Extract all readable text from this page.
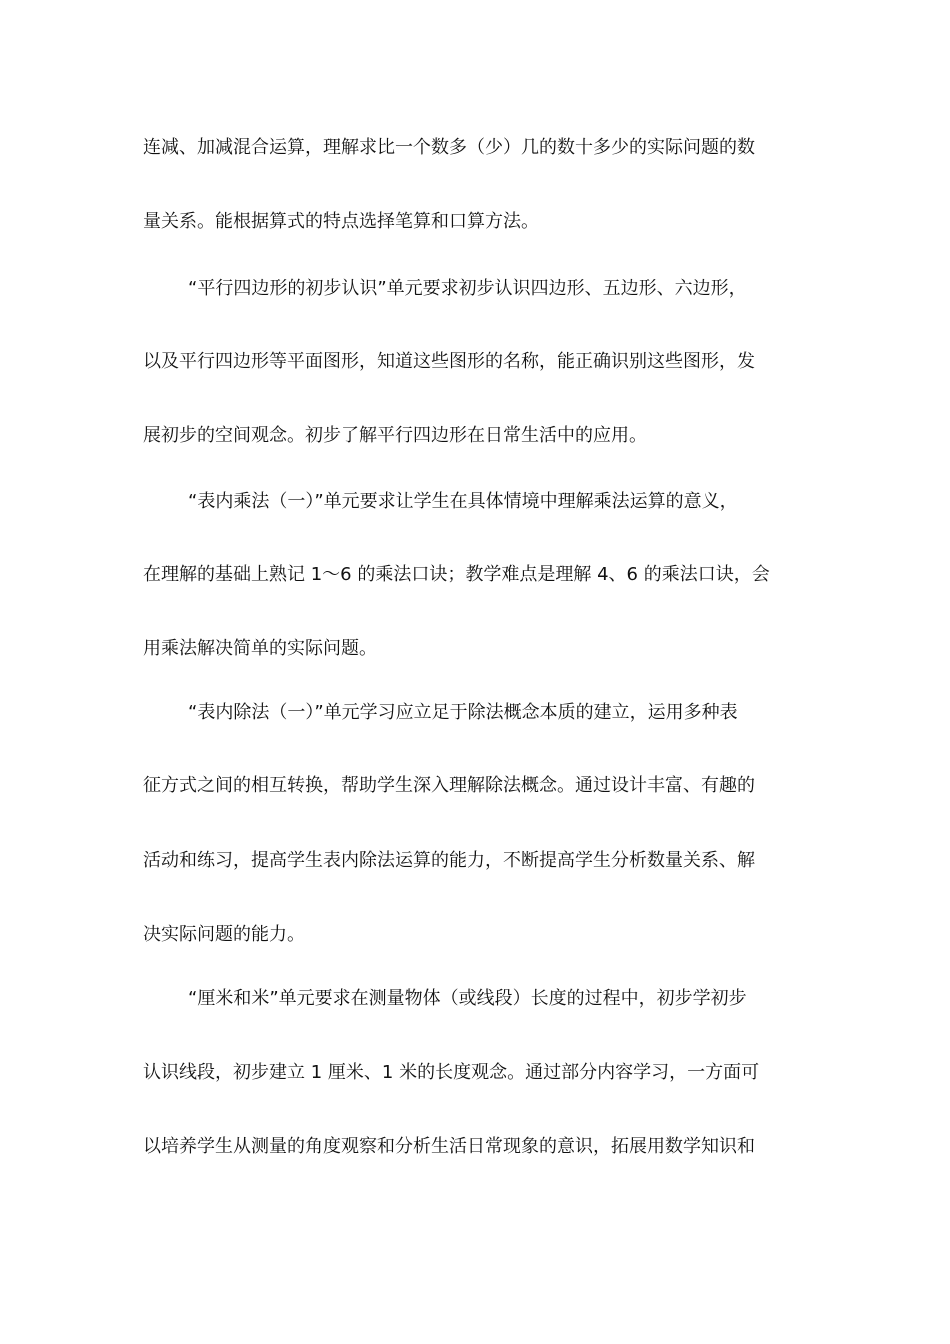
连减、加减混合运算，理解求比一个数多（少）几的数十多少的实际问题的数

量关系。能根据算式的特点选择笔算和口算方法。

“平行四边形的初步认识”单元要求初步认识四边形、五边形、六边形，

以及平行四边形等平面图形，知道这些图形的名称，能正确识别这些图形，发

展初步的空间观念。初步了解平行四边形在日常生活中的应用。

“表内乘法（一）”单元要求让学生在具体情境中理解乘法运算的意义，

在理解的基础上熟记 1～6 的乘法口诀；教学难点是理解 4、6 的乘法口诀，会

用乘法解决简单的实际问题。

“表内除法（一）”单元学习应立足于除法概念本质的建立，运用多种表

征方式之间的相互转换，帮助学生深入理解除法概念。通过设计丰富、有趣的

活动和练习，提高学生表内除法运算的能力，不断提高学生分析数量关系、解

决实际问题的能力。

“厘米和米”单元要求在测量物体（或线段）长度的过程中，初步学初步

认识线段，初步建立 1 厘米、1 米的长度观念。通过部分内容学习，一方面可

以培养学生从测量的角度观察和分析生活日常现象的意识，拓展用数学知识和
